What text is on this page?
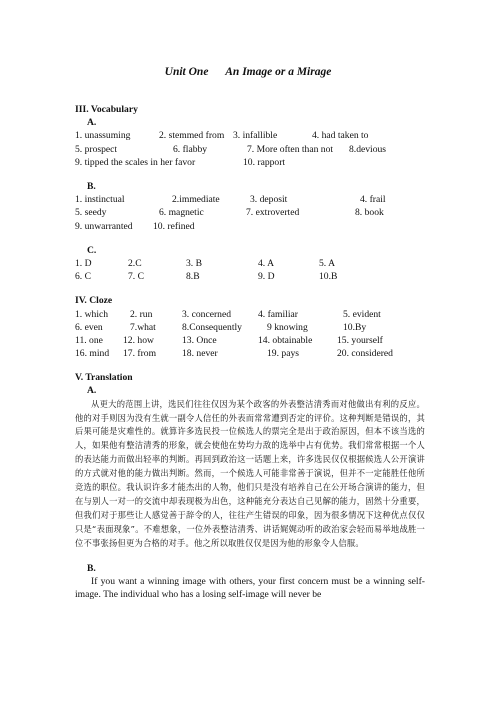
Unit One      An Image or a Mirage
III. Vocabulary
A.
1. unassuming	2. stemmed from 3. infallible	4. had taken to
5. prospect	6. flabby	7. More often than not 8.devious
9. tipped the scales in her favor	10. rapport
B.
1. instinctual	2.immediate	3. deposit	4. frail
5. seedy	6. magnetic	7. extroverted	8. book
9. unwarranted 10. refined
C.
1. D	2.C	3. B	4. A	5. A
6. C	7. C	8.B	9. D	10.B
IV. Cloze
1. which 2. run	3. concerned	4. familiar	5. evident
6. even	7.what	8.Consequently	9 knowing	10.By
11. one 12. how	13. Once	14. obtainable	15. yourself
16. mind 17. from	18. never	19. pays	20. considered
V. Translation
A.
从更大的范围上讲，选民们往往仅因为某个政客的外表整洁清秀而对他做出有利的反应。他的对手则因为没有生就一副令人信任的外表而常常遭到否定的评价。这种判断是错误的，其后果可能是灾难性的。就算许多选民投一位候选人的票完全是出于政治原因，但本不该当选的人，如果他有整洁清秀的形象，就会使他在势均力敌的选举中占有优势。我们常常根据一个人的表达能力而做出轻率的判断。再回到政治这一话题上来，许多选民仅仅根据候选人公开演讲的方式就对他的能力做出判断。然而，一个候选人可能非常善于演说，但并不一定能胜任他所竞选的职位。我认识许多才能杰出的人物，他们只是没有培养自己在公开场合演讲的能力，但在与别人一对一的交流中却表现极为出色，这种能充分表达自己见解的能力，固然十分重要，但我们对于那些让人感觉善于辞令的人，往往产生错误的印象，因为很多情况下这种优点仅仅只是“表面现象”。不难想象，一位外表整洁清秀、讲话娓娓动听的政治家会轻而易举地战胜一位不事张扬但更为合格的对手。他之所以取胜仅仅是因为他的形象令人信服。
B.
If you want a winning image with others, your first concern must be a winning self-image. The individual who has a losing self-image will never be
